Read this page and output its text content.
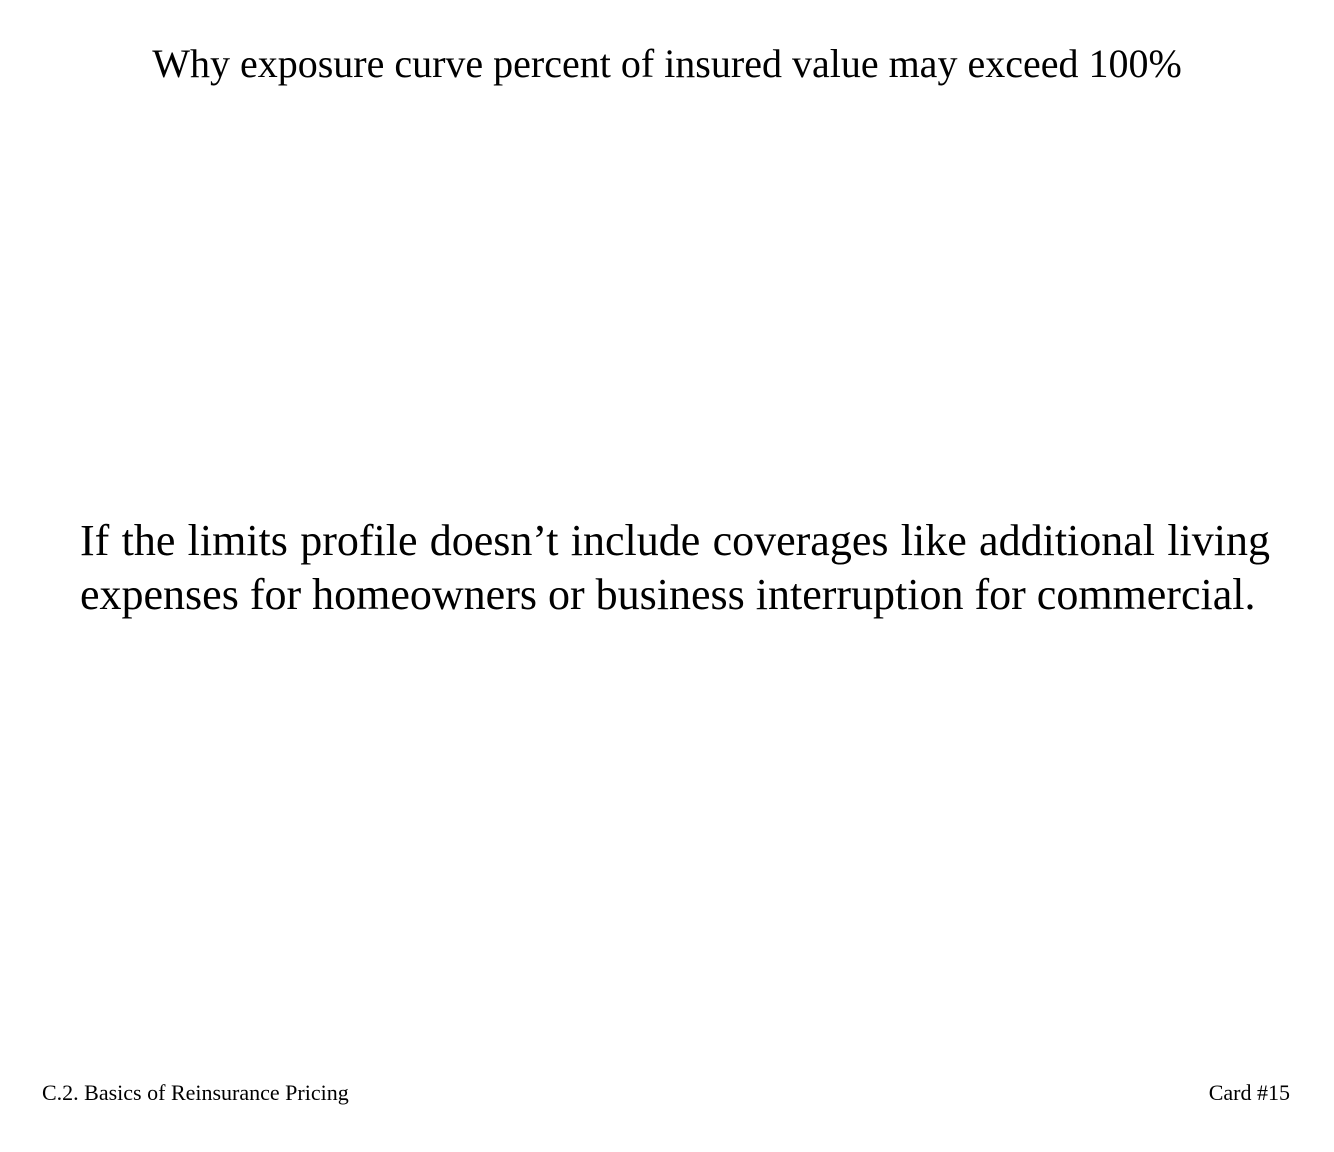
Why exposure curve percent of insured value may exceed 100%

If the limits profile doesn’t include coverages like additional living expenses for homeowners or business interruption for commercial.

C.2. Basics of Reinsurance Pricing	Card #15
